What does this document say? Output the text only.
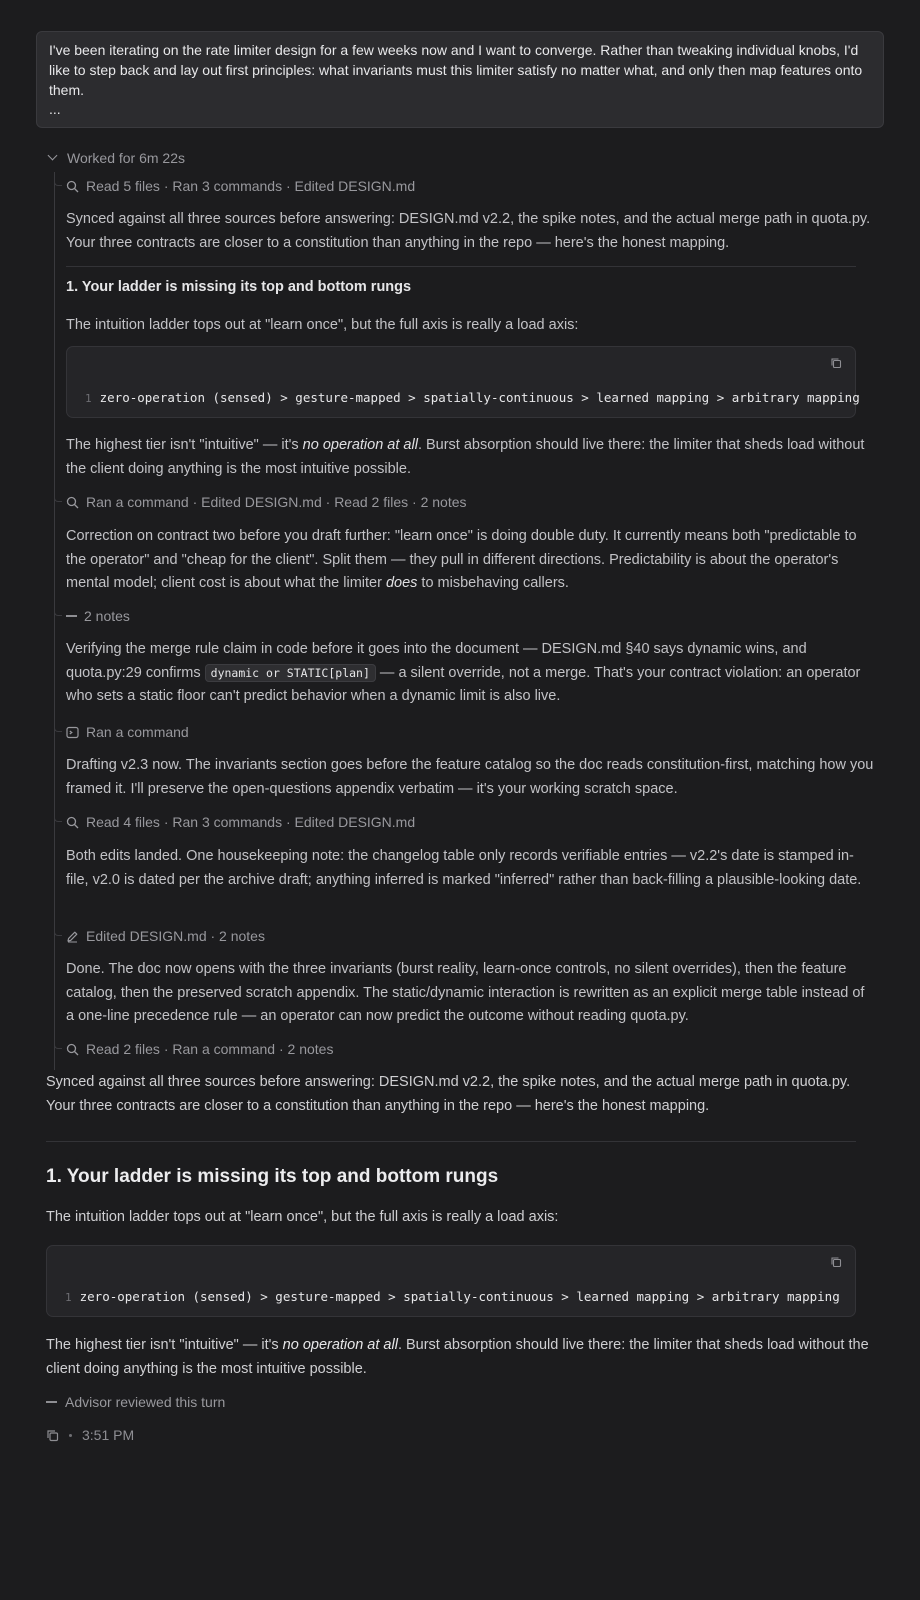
I've been iterating on the rate limiter design for a few weeks now and I want to converge. Rather than tweaking individual knobs, I'd like to step back and lay out first principles: what invariants must this limiter satisfy no matter what, and only then map features onto them.
...
Worked for 6m 22s
Read 5 files · Ran 3 commands · Edited DESIGN.md
Synced against all three sources before answering: DESIGN.md v2.2, the spike notes, and the actual merge path in quota.py. Your three contracts are closer to a constitution than anything in the repo — here's the honest mapping.
1. Your ladder is missing its top and bottom rungs
The intuition ladder tops out at "learn once", but the full axis is really a load axis:
1 zero-operation (sensed) > gesture-mapped > spatially-continuous > learned mapping > arbitrary mapping
The highest tier isn't "intuitive" — it's no operation at all. Burst absorption should live there: the limiter that sheds load without the client doing anything is the most intuitive possible.
Ran a command · Edited DESIGN.md · Read 2 files · 2 notes
Correction on contract two before you draft further: "learn once" is doing double duty. It currently means both "predictable to the operator" and "cheap for the client". Split them — they pull in different directions. Predictability is about the operator's mental model; client cost is about what the limiter does to misbehaving callers.
2 notes
Verifying the merge rule claim in code before it goes into the document — DESIGN.md §40 says dynamic wins, and quota.py:29 confirms dynamic or STATIC[plan] — a silent override, not a merge. That's your contract violation: an operator who sets a static floor can't predict behavior when a dynamic limit is also live.
Ran a command
Drafting v2.3 now. The invariants section goes before the feature catalog so the doc reads constitution-first, matching how you framed it. I'll preserve the open-questions appendix verbatim — it's your working scratch space.
Read 4 files · Ran 3 commands · Edited DESIGN.md
Both edits landed. One housekeeping note: the changelog table only records verifiable entries — v2.2's date is stamped in-file, v2.0 is dated per the archive draft; anything inferred is marked "inferred" rather than back-filling a plausible-looking date.
Edited DESIGN.md · 2 notes
Done. The doc now opens with the three invariants (burst reality, learn-once controls, no silent overrides), then the feature catalog, then the preserved scratch appendix. The static/dynamic interaction is rewritten as an explicit merge table instead of a one-line precedence rule — an operator can now predict the outcome without reading quota.py.
Read 2 files · Ran a command · 2 notes
Synced against all three sources before answering: DESIGN.md v2.2, the spike notes, and the actual merge path in quota.py. Your three contracts are closer to a constitution than anything in the repo — here's the honest mapping.
1. Your ladder is missing its top and bottom rungs
The intuition ladder tops out at "learn once", but the full axis is really a load axis:
1 zero-operation (sensed) > gesture-mapped > spatially-continuous > learned mapping > arbitrary mapping
The highest tier isn't "intuitive" — it's no operation at all. Burst absorption should live there: the limiter that sheds load without the client doing anything is the most intuitive possible.
Advisor reviewed this turn
3:51 PM
